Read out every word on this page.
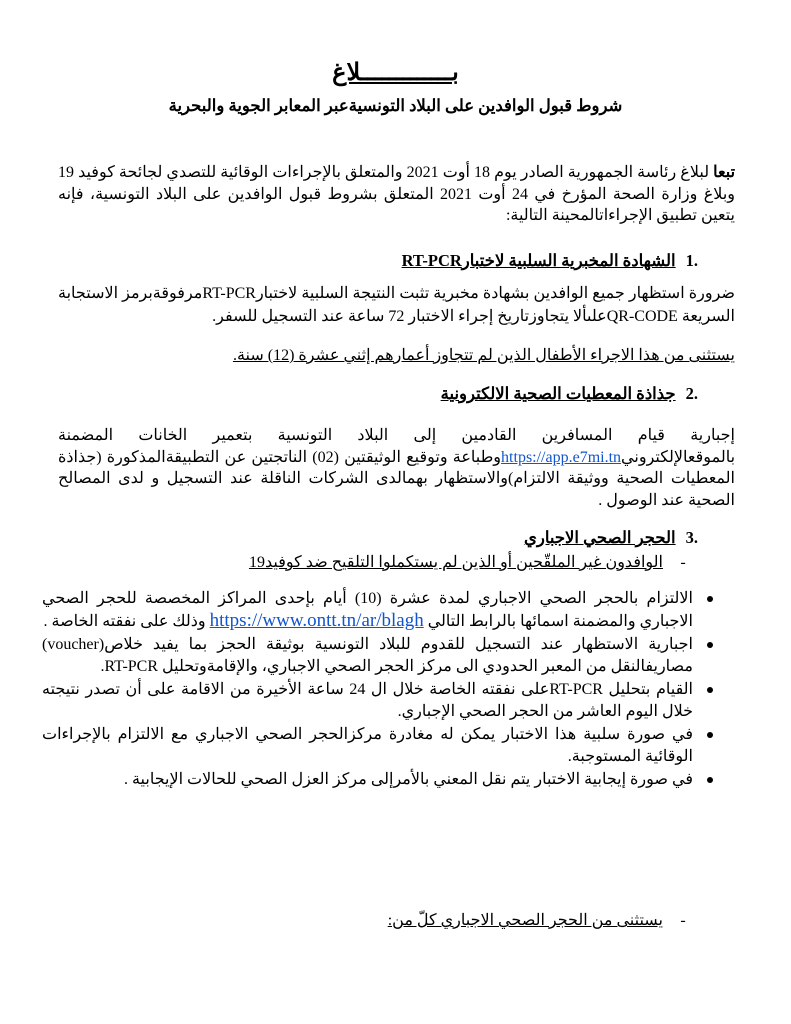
بـــــــــــــلاغ
شروط قبول الوافدين على البلاد التونسيةعبر المعابر الجوية والبحرية
تبعا لبلاغ رئاسة الجمهورية الصادر يوم 18 أوت 2021 والمتعلق بالإجراءات الوقائية للتصدي لجائحة كوفيد 19 وبلاغ وزارة الصحة المؤرخ في 24 أوت 2021 المتعلق بشروط قبول الوافدين على البلاد التونسية، فإنه يتعين تطبيق الإجراءاتالمحينة التالية:
.1الشهادة المخبرية السلبية لاختبارRT-PCR
ضرورة استظهار جميع الوافدين بشهادة مخبرية تثبت النتيجة السلبية لاختبارRT-PCRمرفوقةبرمز الاستجابة السريعة QR-CODEعلىألا يتجاوزتاريخ إجراء الاختبار 72 ساعة عند التسجيل للسفر.
يستثنى من هذا الاجراء الأطفال الذين لم تتجاوز أعمارهم إثني عشرة (12) سنة.
.2جذاذة المعطيات الصحية الالكترونية
إجبارية قيام المسافرين القادمين إلى البلاد التونسية بتعمير الخانات المضمنة بالموقعالإلكترونيhttps://app.e7mi.tnوطباعة وتوقيع الوثيقتين (02) الناتجتين عن التطبيقةالمذكورة (جذاذة المعطيات الصحية ووثيقة الالتزام)والاستظهار بهمالدى الشركات الناقلة عند التسجيل و لدى المصالح الصحية عند الوصول .
.3الحجر الصحي الاجباري
-الوافدون غير الملقّحين أو الذين لم يستكملوا التلقيح ضد كوفيد19
الالتزام بالحجر الصحي الاجباري لمدة عشرة (10) أيام بإحدى المراكز المخصصة للحجر الصحي الاجباري والمضمنة اسمائها بالرابط التالي https://www.ontt.tn/ar/blagh وذلك على نفقته الخاصة .
اجبارية الاستظهار عند التسجيل للقدوم للبلاد التونسية بوثيقة الحجز بما يفيد خلاص(voucher) مصاريفالنقل من المعبر الحدودي الى مركز الحجر الصحي الاجباري، والإقامةوتحليل RT-PCR.
القيام بتحليل RT-PCRعلى نفقته الخاصة خلال ال 24 ساعة الأخيرة من الاقامة على أن تصدر نتيجته خلال اليوم العاشر من الحجر الصحي الإجباري.
في صورة سلبية هذا الاختبار يمكن له مغادرة مركزالحجر الصحي الاجباري مع الالتزام بالإجراءات الوقائية المستوجبة.
في صورة إيجابية الاختبار يتم نقل المعني بالأمرإلى مركز العزل الصحي للحالات الإيجابية .
-يستثنى من الحجر الصحي الاجباري كلّ من:
